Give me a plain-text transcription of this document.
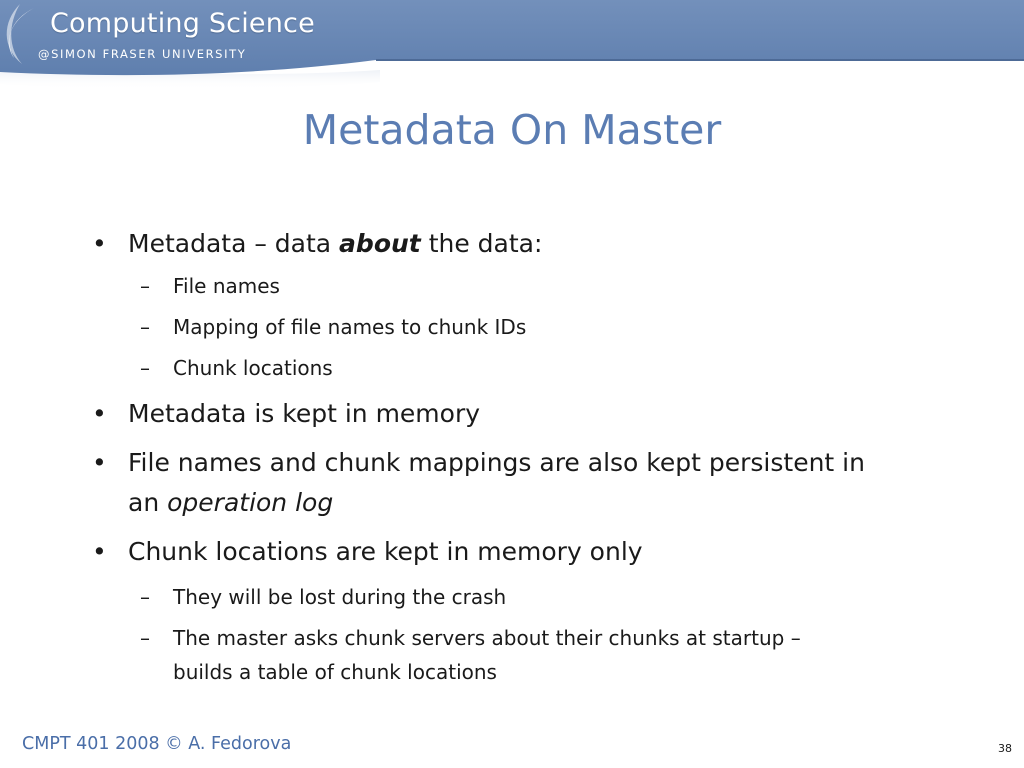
Computing Science
@SIMON FRASER UNIVERSITY
Metadata On Master
• Metadata – data about the data:
– File names
– Mapping of file names to chunk IDs
– Chunk locations
• Metadata is kept in memory
• File names and chunk mappings are also kept persistent in
an operation log
• Chunk locations are kept in memory only
– They will be lost during the crash
– The master asks chunk servers about their chunks at startup –
builds a table of chunk locations
CMPT 401 2008 © A. Fedorova	38
